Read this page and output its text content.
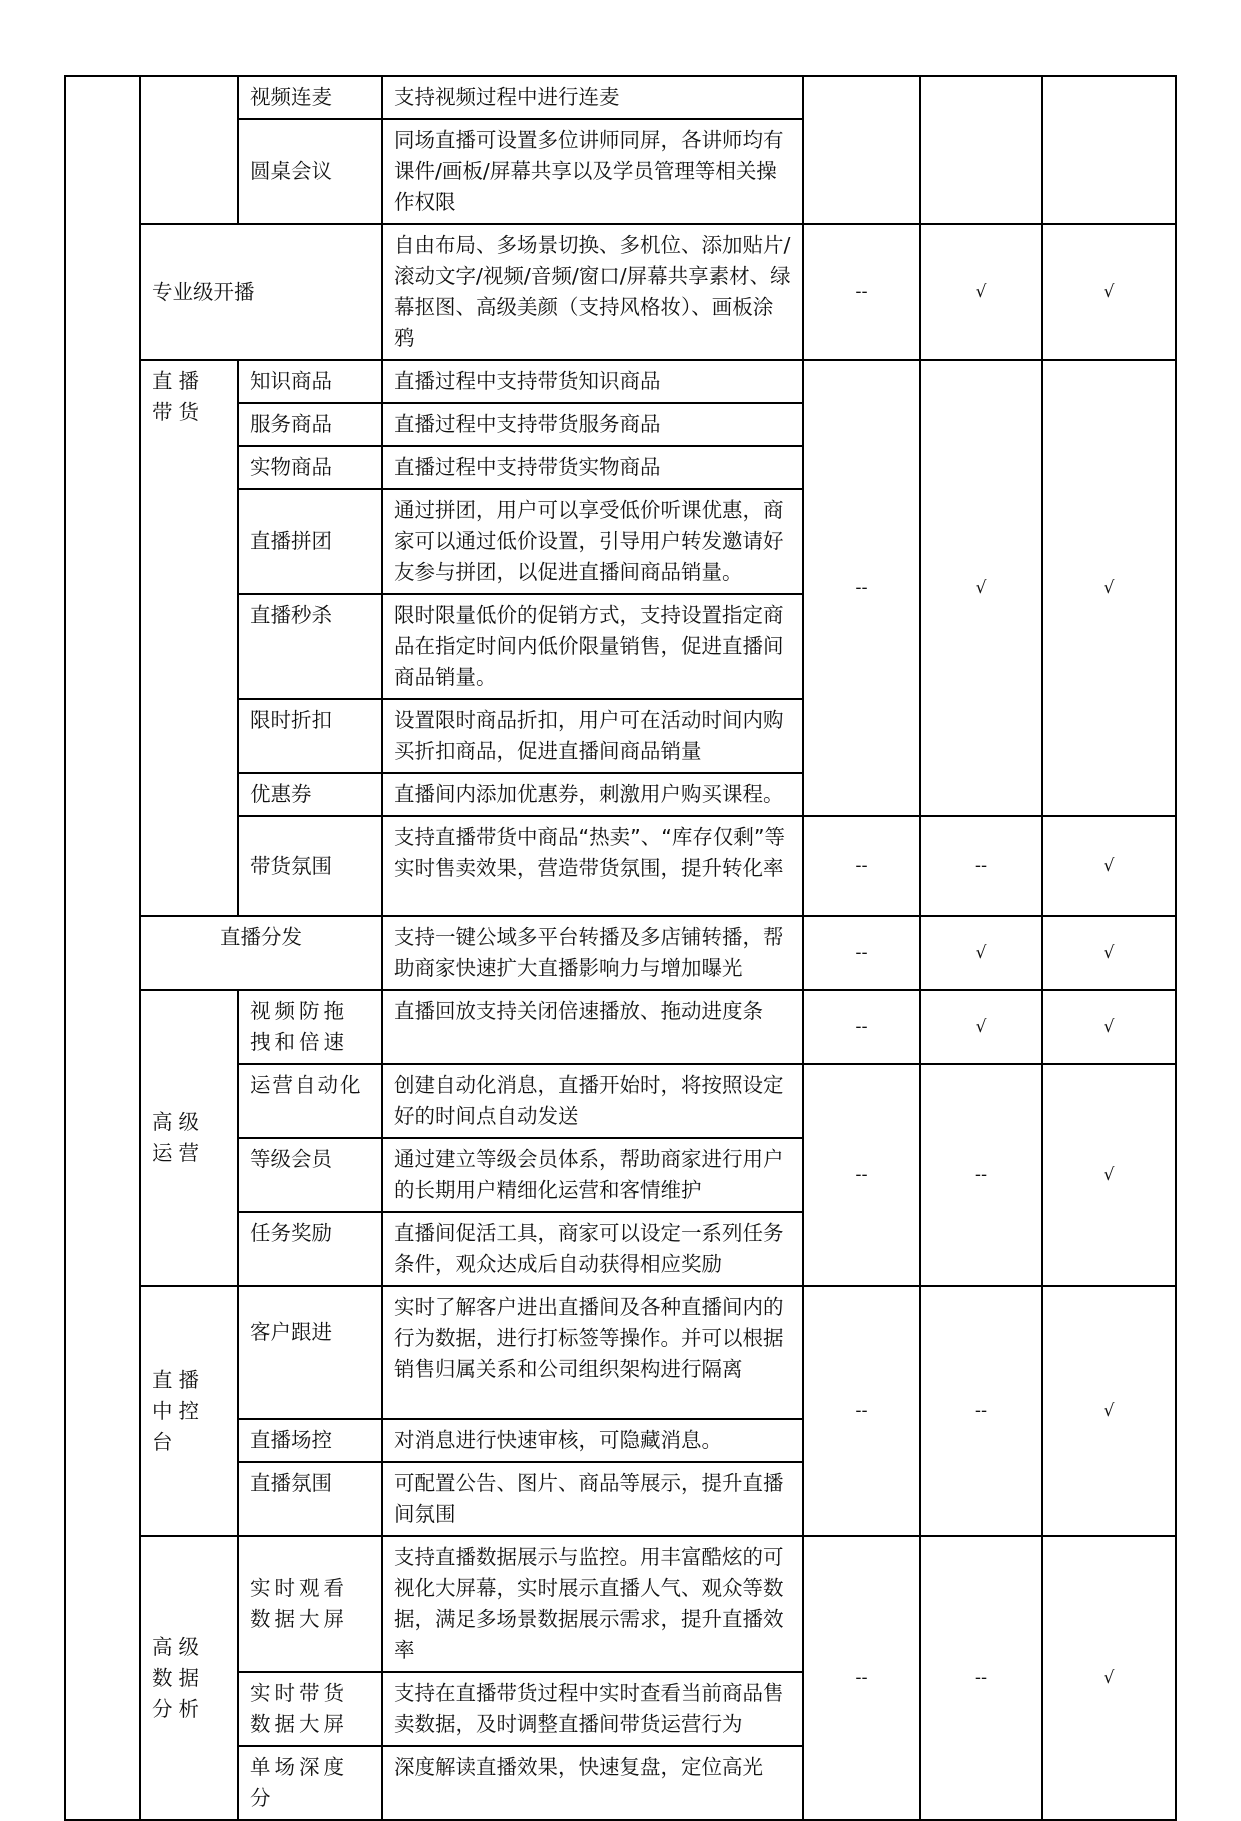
		视频连麦	支持视频过程中进行连麦			
		圆桌会议	同场直播可设置多位讲师同屏，各讲师均有课件/画板/屏幕共享以及学员管理等相关操作权限			
	专业级开播		自由布局、多场景切换、多机位、添加贴片/滚动文字/视频/音频/窗口/屏幕共享素材、绿幕抠图、高级美颜（支持风格妆）、画板涂鸦	--	√	√
	直播带货	知识商品	直播过程中支持带货知识商品	--	√	√
		服务商品	直播过程中支持带货服务商品			
		实物商品	直播过程中支持带货实物商品			
		直播拼团	通过拼团，用户可以享受低价听课优惠，商家可以通过低价设置，引导用户转发邀请好友参与拼团，以促进直播间商品销量。			
		直播秒杀	限时限量低价的促销方式，支持设置指定商品在指定时间内低价限量销售，促进直播间商品销量。			
		限时折扣	设置限时商品折扣，用户可在活动时间内购买折扣商品，促进直播间商品销量			
		优惠券	直播间内添加优惠券，刺激用户购买课程。			
		带货氛围	支持直播带货中商品“热卖”、“库存仅剩”等实时售卖效果，营造带货氛围，提升转化率	--	--	√
	直播分发		支持一键公域多平台转播及多店铺转播，帮助商家快速扩大直播影响力与增加曝光	--	√	√
	高级运营	视频防拖拽和倍速	直播回放支持关闭倍速播放、拖动进度条	--	√	√
		运营自动化	创建自动化消息，直播开始时，将按照设定好的时间点自动发送	--	--	√
		等级会员	通过建立等级会员体系，帮助商家进行用户的长期用户精细化运营和客情维护			
		任务奖励	直播间促活工具，商家可以设定一系列任务条件，观众达成后自动获得相应奖励			
	直播中控台	客户跟进	实时了解客户进出直播间及各种直播间内的行为数据，进行打标签等操作。并可以根据销售归属关系和公司组织架构进行隔离	--	--	√
		直播场控	对消息进行快速审核，可隐藏消息。			
		直播氛围	可配置公告、图片、商品等展示，提升直播间氛围			
	高级数据分析	实时观看数据大屏	支持直播数据展示与监控。用丰富酷炫的可视化大屏幕，实时展示直播人气、观众等数据，满足多场景数据展示需求，提升直播效率	--	--	√
		实时带货数据大屏	支持在直播带货过程中实时查看当前商品售卖数据，及时调整直播间带货运营行为			
		单场深度分	深度解读直播效果，快速复盘，定位高光			
